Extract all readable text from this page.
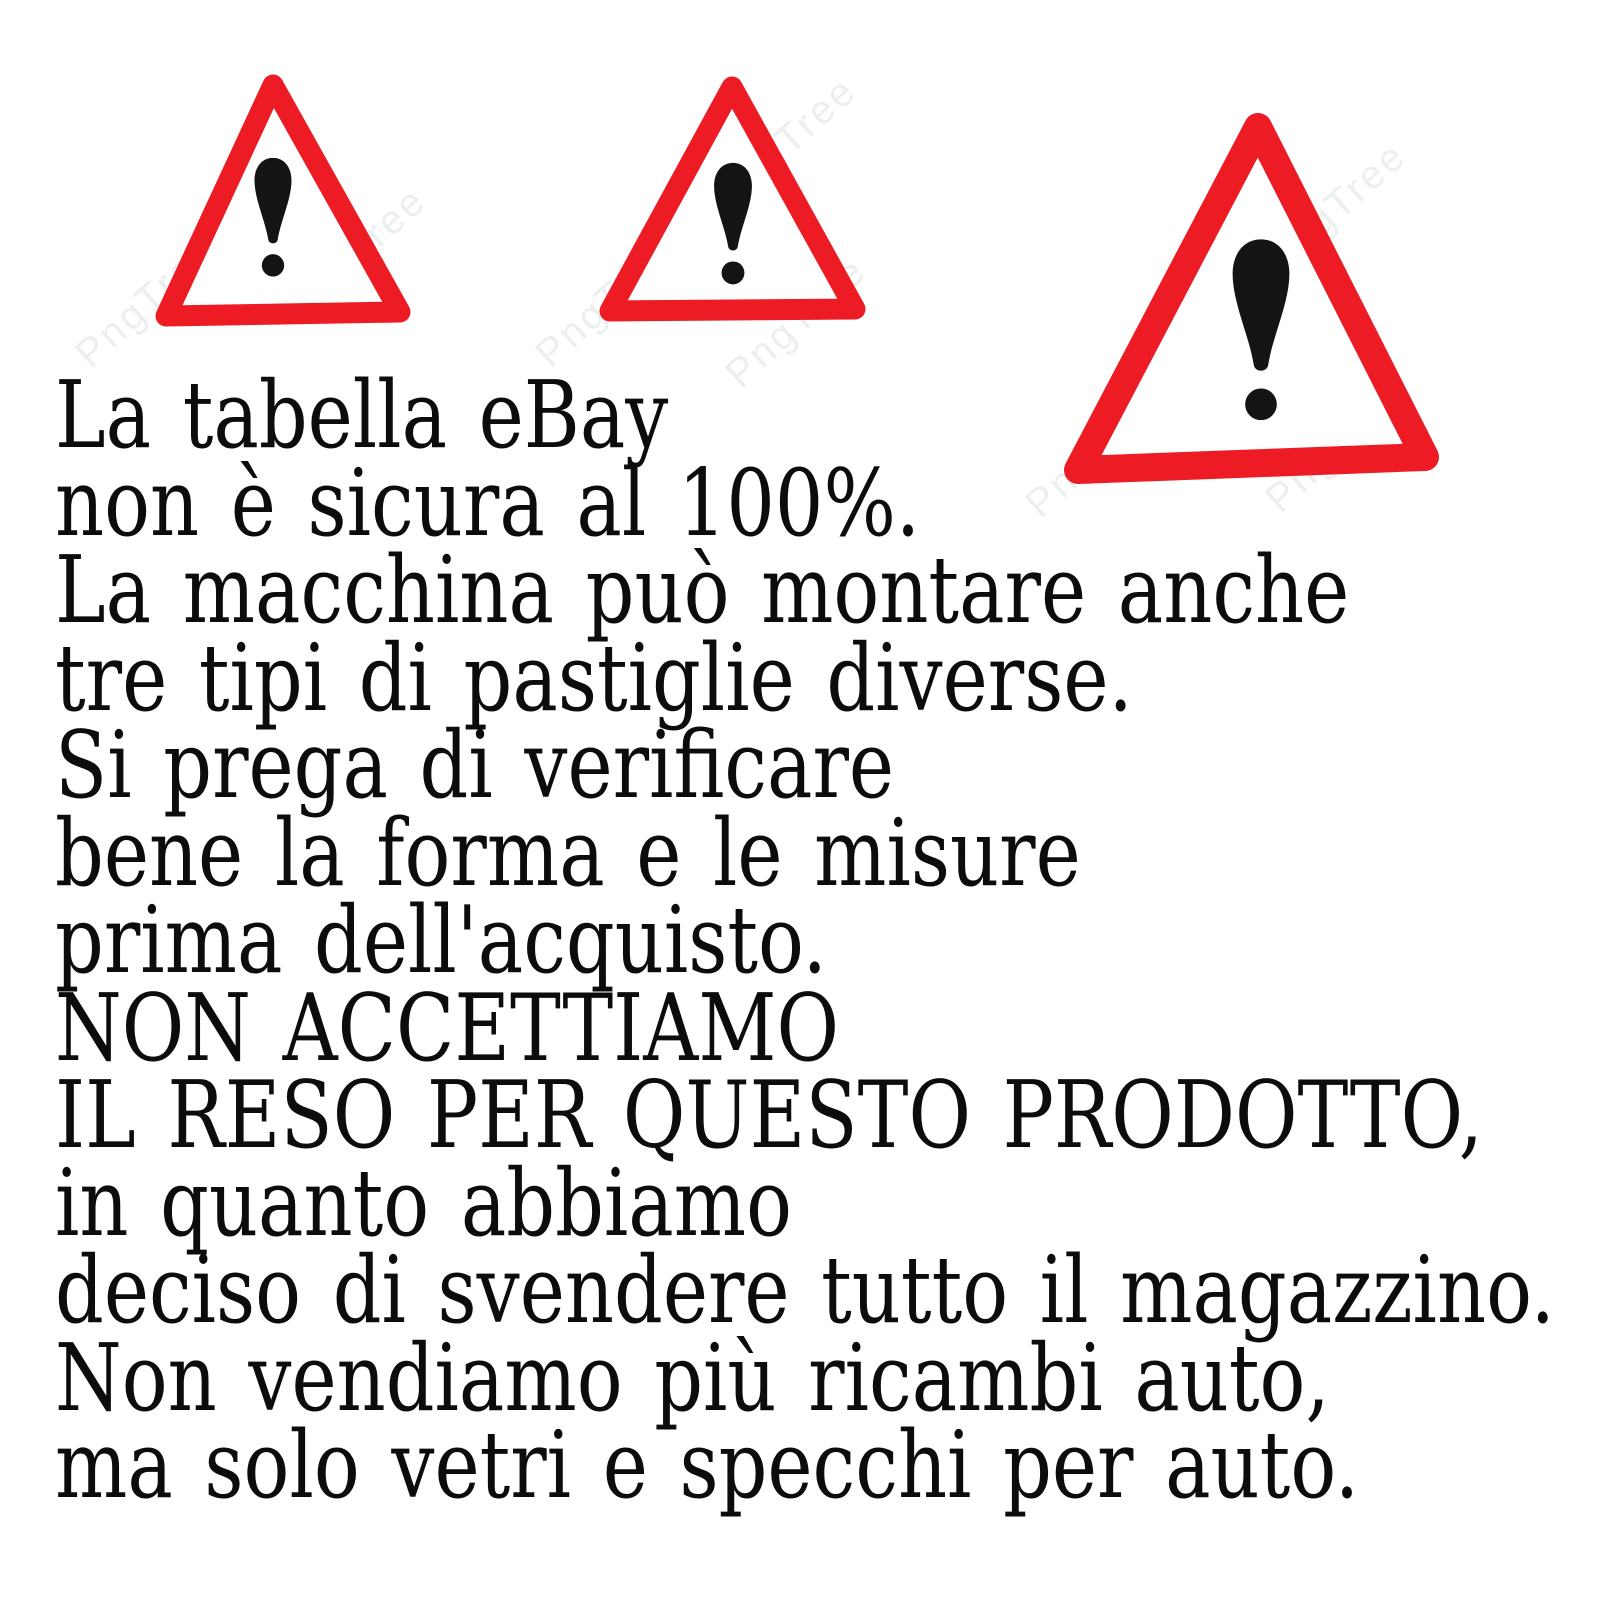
PngTree	PngTree
PngTree	PngTree
La tabella eBay
non è sicura al 100%.
La macchina può montare anche
tre tipi di pastiglie diverse.
Si prega di verificare
bene la forma e le misure
prima dell'acquisto.
NON ACCETTIAMO
IL RESO PER QUESTO PRODOTTO,
in quanto abbiamo
deciso di svendere tutto il magazzino.
Non vendiamo più ricambi auto,
ma solo vetri e specchi per auto.
